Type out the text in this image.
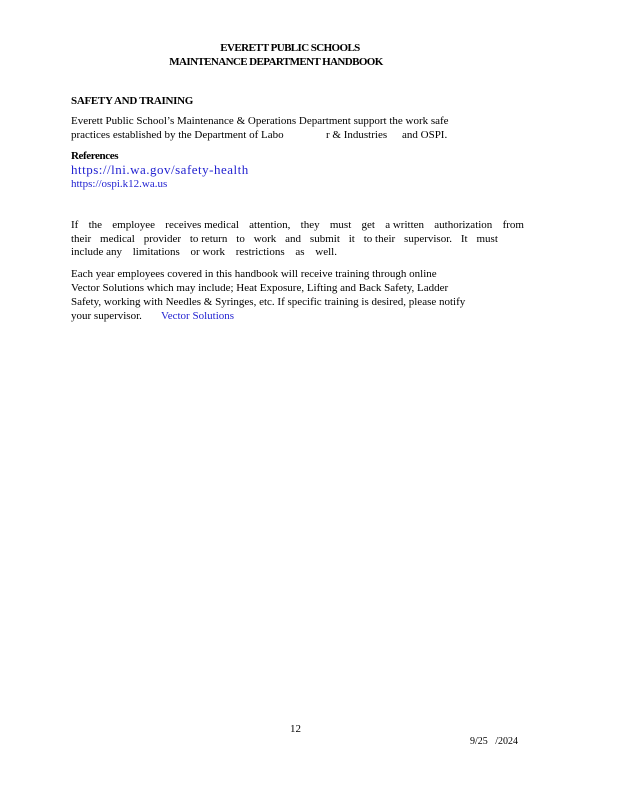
EVERETT PUBLIC SCHOOLS
MAINTENANCE DEPARTMENT HANDBOOK
SAFETY AND TRAINING
Everett Public School’s Maintenance & Operations Department support the work safe
practices established by the Department of Labo	r & Industries and OSPI.
References
https://lni.wa.gov/safety-health
https://ospi.k12.wa.us
If the employee receives medical attention, they must get a written authorization from
their medical provider to return to work and submit it to their supervisor. It must
include any limitations or work restrictions as well.
Each year employees covered in this handbook will receive training through online
Vector Solutions which may include; Heat Exposure, Lifting and Back Safety, Ladder
Safety, working with Needles & Syringes, etc. If specific training is desired, please notify
your supervisor. Vector Solutions
12
9/25   /2024
